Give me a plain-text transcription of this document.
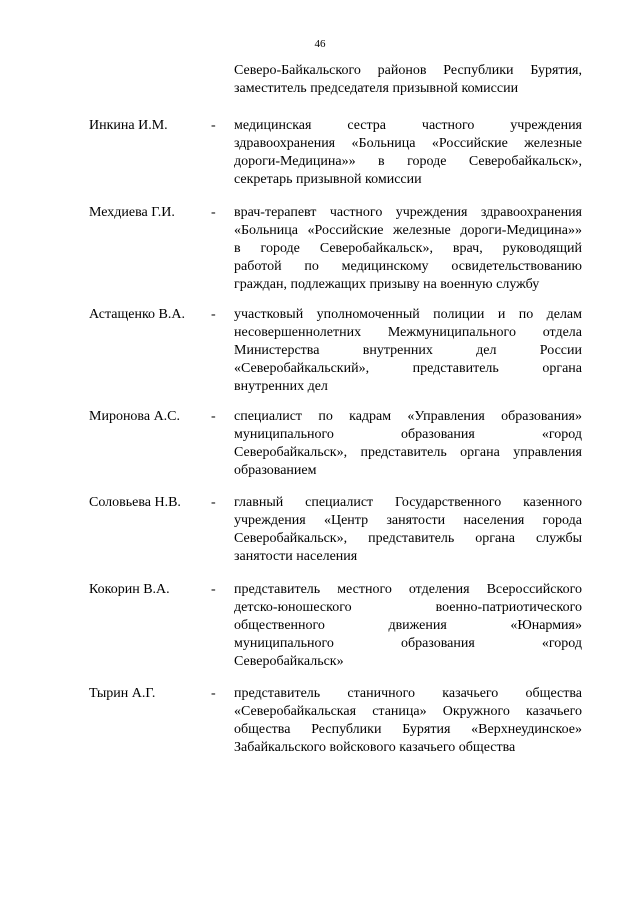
46
Северо-Байкальского районов Республики Бурятия,
заместитель председателя призывной комиссии
Инкина И.М.	- медицинская сестра частного учреждения
здравоохранения «Больница «Российские железные
дороги-Медицина»» в городе Северобайкальск»,
секретарь призывной комиссии
Мехдиева Г.И.	- врач-терапевт частного учреждения здравоохранения
«Больница «Российские железные дороги-Медицина»»
в городе Северобайкальск», врач, руководящий
работой по медицинскому освидетельствованию
граждан, подлежащих призыву на военную службу
Астащенко В.А. - участковый уполномоченный полиции и по делам
несовершеннолетних Межмуниципального отдела
Министерства внутренних дел России
«Северобайкальский», представитель органа
внутренних дел
Миронова А.С. - специалист по кадрам «Управления образования»
муниципального образования «город
Северобайкальск», представитель органа управления
образованием
Соловьева Н.В. - главный специалист Государственного казенного
учреждения «Центр занятости населения города
Северобайкальск», представитель органа службы
занятости населения
Кокорин В.А.	- представитель местного отделения Всероссийского
детско-юношеского военно-патриотического
общественного движения «Юнармия»
муниципального образования «город
Северобайкальск»
Тырин А.Г.	- представитель станичного казачьего общества
«Северобайкальская станица» Окружного казачьего
общества Республики Бурятия «Верхнеудинское»
Забайкальского войскового казачьего общества
